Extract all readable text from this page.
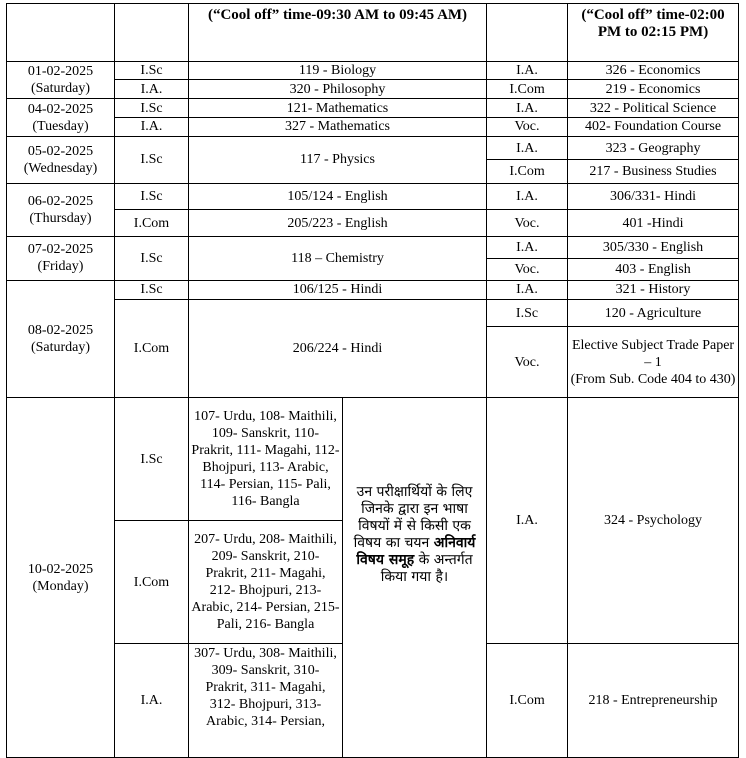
		(“Cool off” time-09:30 AM to 09:45 AM)			(“Cool off” time-02:00 PM to 02:15 PM)
01-02-2025
(Saturday)	I.Sc	119 - Biology		I.A.	326 - Economics
	I.A.	320 - Philosophy		I.Com	219 - Economics
04-02-2025
(Tuesday)	I.Sc	121- Mathematics		I.A.	322 - Political Science
	I.A.	327 - Mathematics		Voc.	402- Foundation Course
05-02-2025
(Wednesday)	I.Sc	117 - Physics		I.A.	323 - Geography
				I.Com	217 - Business Studies
06-02-2025
(Thursday)	I.Sc	105/124 - English		I.A.	306/331- Hindi
	I.Com	205/223 - English		Voc.	401 -Hindi
07-02-2025
(Friday)	I.Sc	118 – Chemistry		I.A.	305/330 - English
				Voc.	403 - English
08-02-2025
(Saturday)	I.Sc	106/125 - Hindi		I.A.	321 - History
	I.Com	206/224 - Hindi		I.Sc	120 - Agriculture
				Voc.	Elective Subject Trade Paper – 1
(From Sub. Code 404 to 430)
10-02-2025
(Monday)	I.Sc	107- Urdu, 108- Maithili, 109- Sanskrit, 110- Prakrit, 111- Magahi, 112- Bhojpuri, 113- Arabic, 114- Persian, 115- Pali, 116- Bangla	उन परीक्षार्थियों के लिए जिनके द्वारा इन भाषा विषयों में से किसी एक विषय का चयन अनिवार्य विषय समूह के अन्तर्गत किया गया है।	I.A.	324 - Psychology
	I.Com	207- Urdu, 208- Maithili, 209- Sanskrit, 210- Prakrit, 211- Magahi, 212- Bhojpuri, 213- Arabic, 214- Persian, 215- Pali, 216- Bangla			
	I.A.	307- Urdu, 308- Maithili, 309- Sanskrit, 310- Prakrit, 311- Magahi, 312- Bhojpuri, 313- Arabic, 314- Persian,		I.Com	218 - Entrepreneurship
